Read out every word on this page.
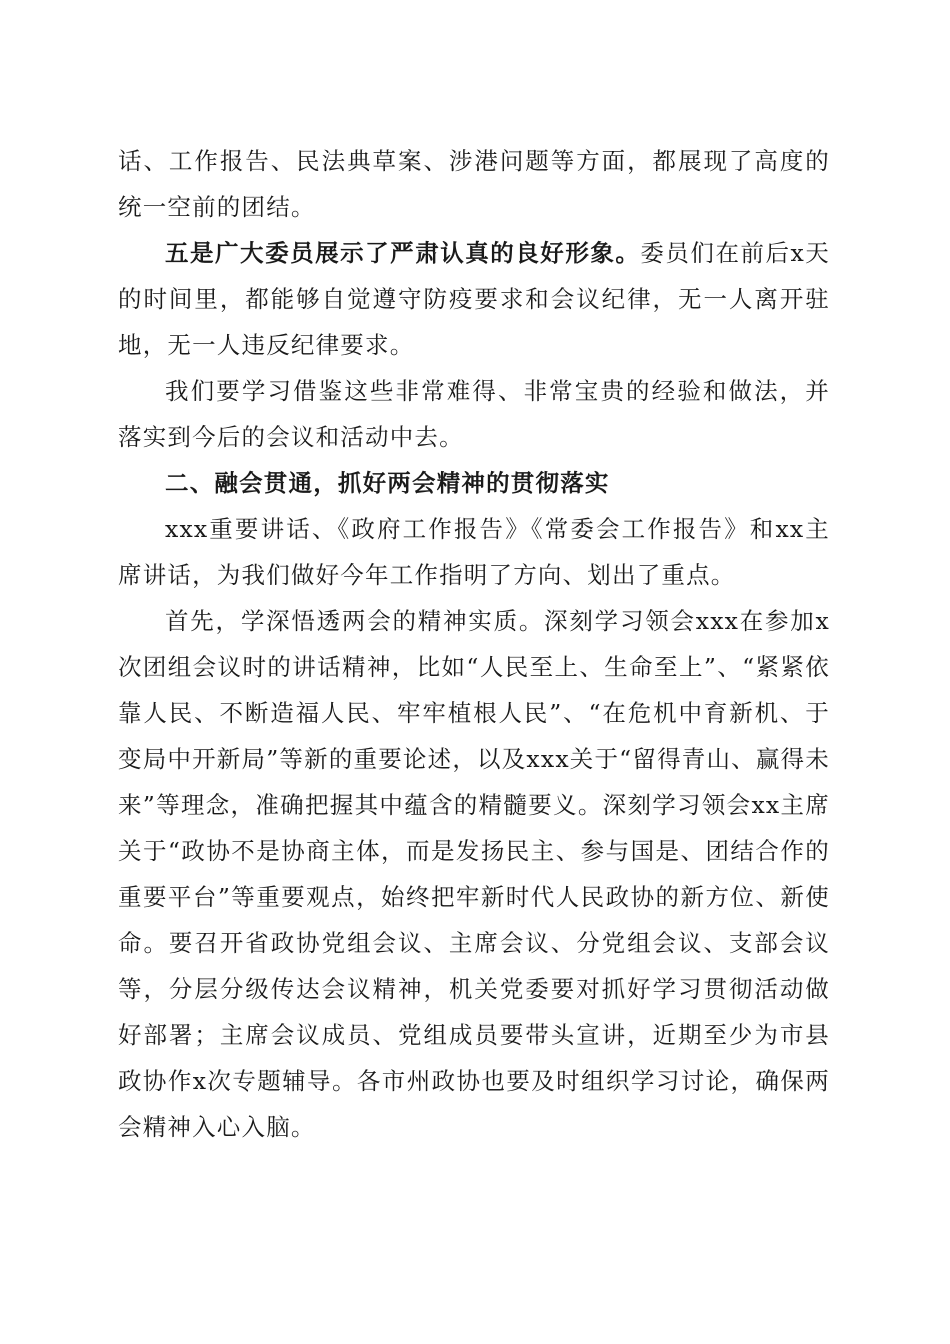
话、工作报告、民法典草案、涉港问题等方面，都展现了高度的统一空前的团结。

五是广大委员展示了严肃认真的良好形象。委员们在前后x天的时间里，都能够自觉遵守防疫要求和会议纪律，无一人离开驻地，无一人违反纪律要求。

我们要学习借鉴这些非常难得、非常宝贵的经验和做法，并落实到今后的会议和活动中去。

二、融会贯通，抓好两会精神的贯彻落实

xxx重要讲话、《政府工作报告》《常委会工作报告》和xx主席讲话，为我们做好今年工作指明了方向、划出了重点。

首先，学深悟透两会的精神实质。深刻学习领会xxx在参加x次团组会议时的讲话精神，比如“人民至上、生命至上”、“紧紧依靠人民、不断造福人民、牢牢植根人民”、“在危机中育新机、于变局中开新局”等新的重要论述，以及xxx关于“留得青山、赢得未来”等理念，准确把握其中蕴含的精髓要义。深刻学习领会xx主席关于“政协不是协商主体，而是发扬民主、参与国是、团结合作的重要平台”等重要观点，始终把牢新时代人民政协的新方位、新使命。要召开省政协党组会议、主席会议、分党组会议、支部会议等，分层分级传达会议精神，机关党委要对抓好学习贯彻活动做好部署；主席会议成员、党组成员要带头宣讲，近期至少为市县政协作x次专题辅导。各市州政协也要及时组织学习讨论，确保两会精神入心入脑。
